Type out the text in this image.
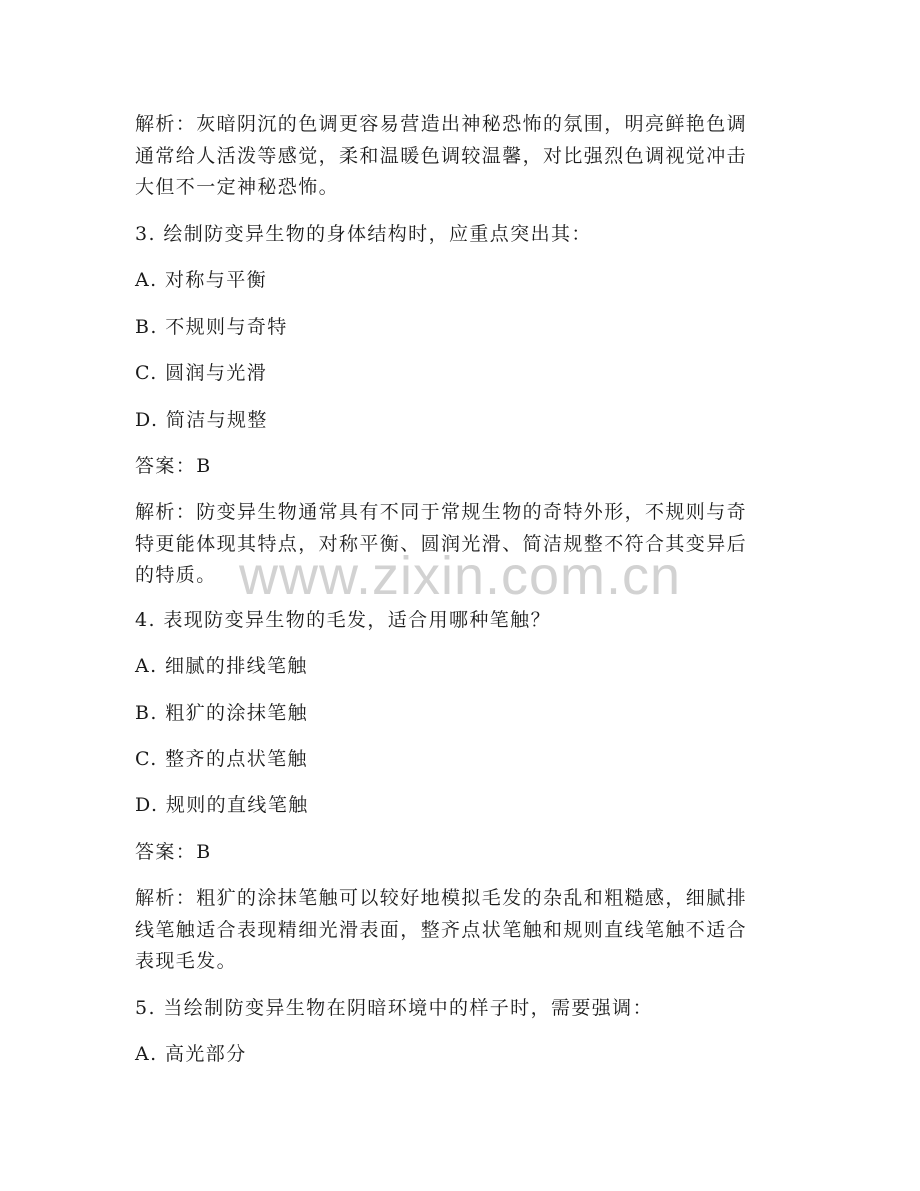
解析：灰暗阴沉的色调更容易营造出神秘恐怖的氛围，明亮鲜艳色调
通常给人活泼等感觉，柔和温暖色调较温馨，对比强烈色调视觉冲击
大但不一定神秘恐怖。
3. 绘制防变异生物的身体结构时，应重点突出其：
A. 对称与平衡
B. 不规则与奇特
C. 圆润与光滑
D. 简洁与规整
答案：B
解析：防变异生物通常具有不同于常规生物的奇特外形，不规则与奇
特更能体现其特点，对称平衡、圆润光滑、简洁规整不符合其变异后
的特质。
4. 表现防变异生物的毛发，适合用哪种笔触？
A. 细腻的排线笔触
B. 粗犷的涂抹笔触
C. 整齐的点状笔触
D. 规则的直线笔触
答案：B
解析：粗犷的涂抹笔触可以较好地模拟毛发的杂乱和粗糙感，细腻排
线笔触适合表现精细光滑表面，整齐点状笔触和规则直线笔触不适合
表现毛发。
5. 当绘制防变异生物在阴暗环境中的样子时，需要强调：
A. 高光部分
www.zixin.com.cn
